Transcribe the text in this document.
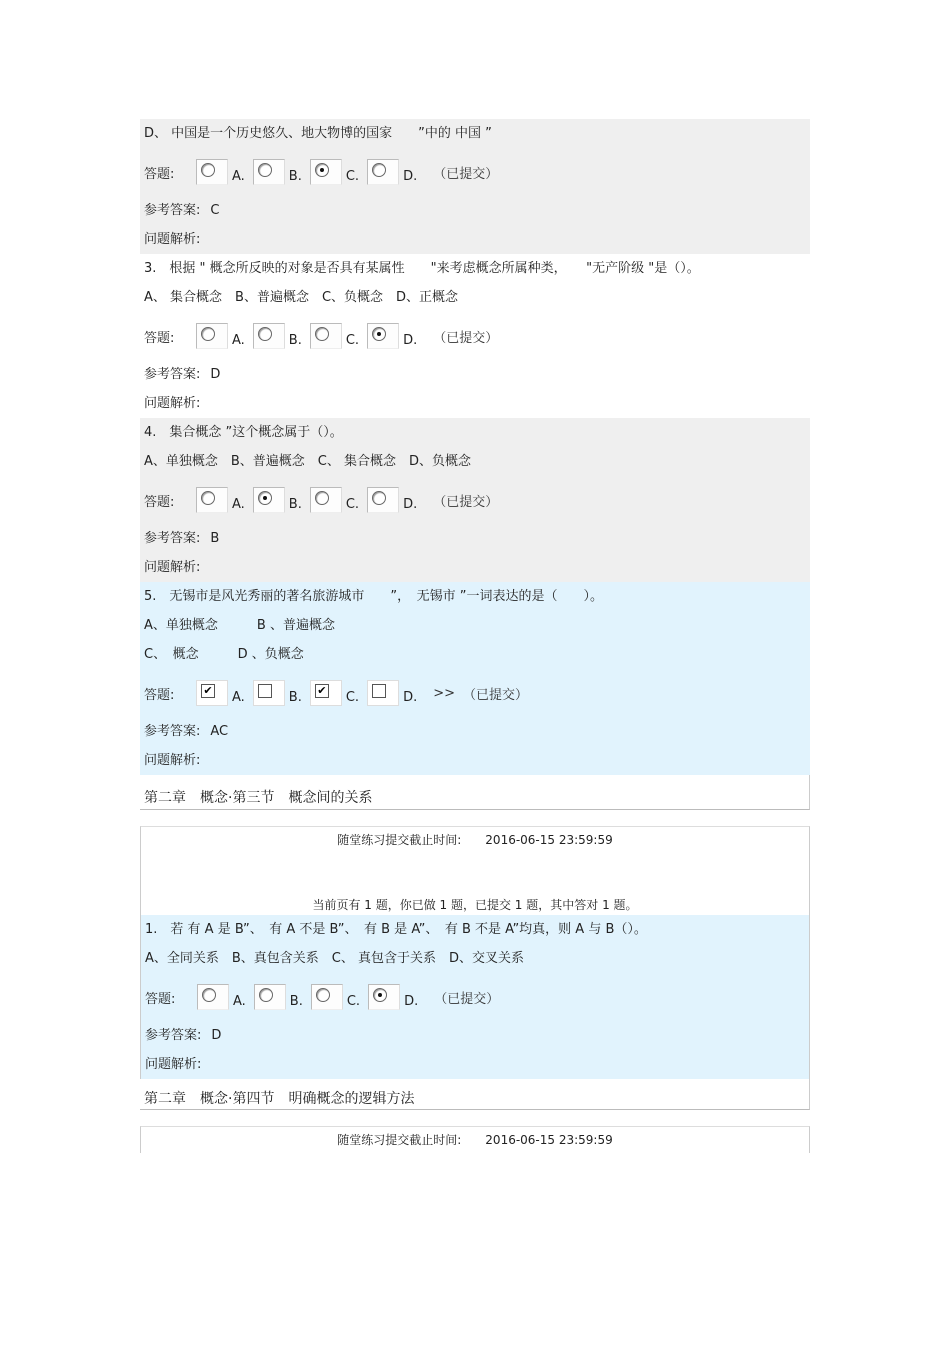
D、 中国是一个历史悠久、地大物博的国家　　”中的 中国 ”
答题:	A.	B.	C.	D. （已提交）
参考答案: C
问题解析:
3.　根据 " 概念所反映的对象是否具有某属性　　"来考虑概念所属种类，　　"无产阶级 "是（）。
A、 集合概念　B、普遍概念　C、负概念　D、正概念
答题:	A.	B.	C.	D. （已提交）
参考答案: D
问题解析:
4.　集合概念 ”这个概念属于（）。
A、单独概念　B、普遍概念　C、 集合概念　D、负概念
答题:	A.	B.	C.	D. （已提交）
参考答案: B
问题解析:
5.　无锡市是风光秀丽的著名旅游城市　　”，　无锡市 ”一词表达的是（　　）。
A、单独概念　　　B 、普遍概念
C、　概念　　　D 、负概念
答题:	✔ A.	B. ✔ C.	D. >> （已提交）
参考答案: AC
问题解析:
第二章　概念·第三节　概念间的关系
随堂练习提交截止时间:　　 2016-06-15 23:59:59
当前页有 1 题，你已做 1 题，已提交 1 题，其中答对 1 题。
1.　若 有 A 是 B”、　有 A 不是 B”、　有 B 是 A”、　有 B 不是 A”均真，则 A 与 B（）。
A、全同关系　B、真包含关系　C、 真包含于关系　D、交叉关系
答题:	A.	B.	C.	D. （已提交）
参考答案: D
问题解析:
第二章　概念·第四节　明确概念的逻辑方法
随堂练习提交截止时间:　　 2016-06-15 23:59:59
